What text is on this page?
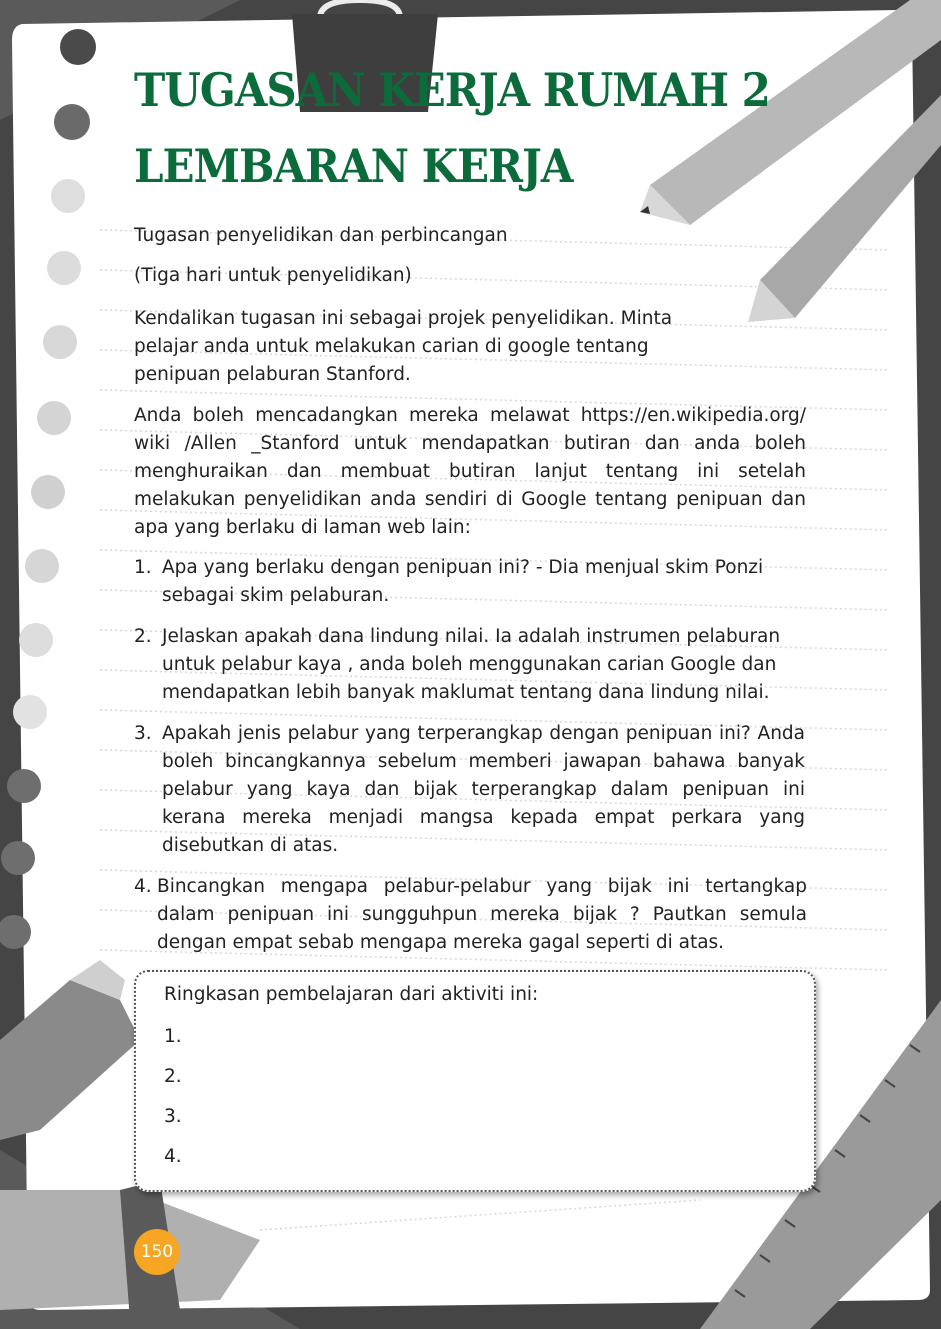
TUGASAN KERJA RUMAH 2
LEMBARAN KERJA

Tugasan penyelidikan dan perbincangan

(Tiga hari untuk penyelidikan)

Kendalikan tugasan ini sebagai projek penyelidikan. Minta pelajar anda untuk melakukan carian di google tentang penipuan pelaburan Stanford.

Anda boleh mencadangkan mereka melawat https://en.wikipedia.org/ wiki /Allen _Stanford untuk mendapatkan butiran dan anda boleh menghuraikan dan membuat butiran lanjut tentang ini setelah melakukan penyelidikan anda sendiri di Google tentang penipuan dan apa yang berlaku di laman web lain:

1. Apa yang berlaku dengan penipuan ini? - Dia menjual skim Ponzi sebagai skim pelaburan.
2. Jelaskan apakah dana lindung nilai. Ia adalah instrumen pelaburan untuk pelabur kaya , anda boleh menggunakan carian Google dan mendapatkan lebih banyak maklumat tentang dana lindung nilai.
3. Apakah jenis pelabur yang terperangkap dengan penipuan ini? Anda boleh bincangkannya sebelum memberi jawapan bahawa banyak pelabur yang kaya dan bijak terperangkap dalam penipuan ini kerana mereka menjadi mangsa kepada empat perkara yang disebutkan di atas.
4. Bincangkan mengapa pelabur-pelabur yang bijak ini tertangkap dalam penipuan ini sungguhpun mereka bijak ? Pautkan semula dengan empat sebab mengapa mereka gagal seperti di atas.
Ringkasan pembelajaran dari aktiviti ini:
1.
2.
3.
4.
150
